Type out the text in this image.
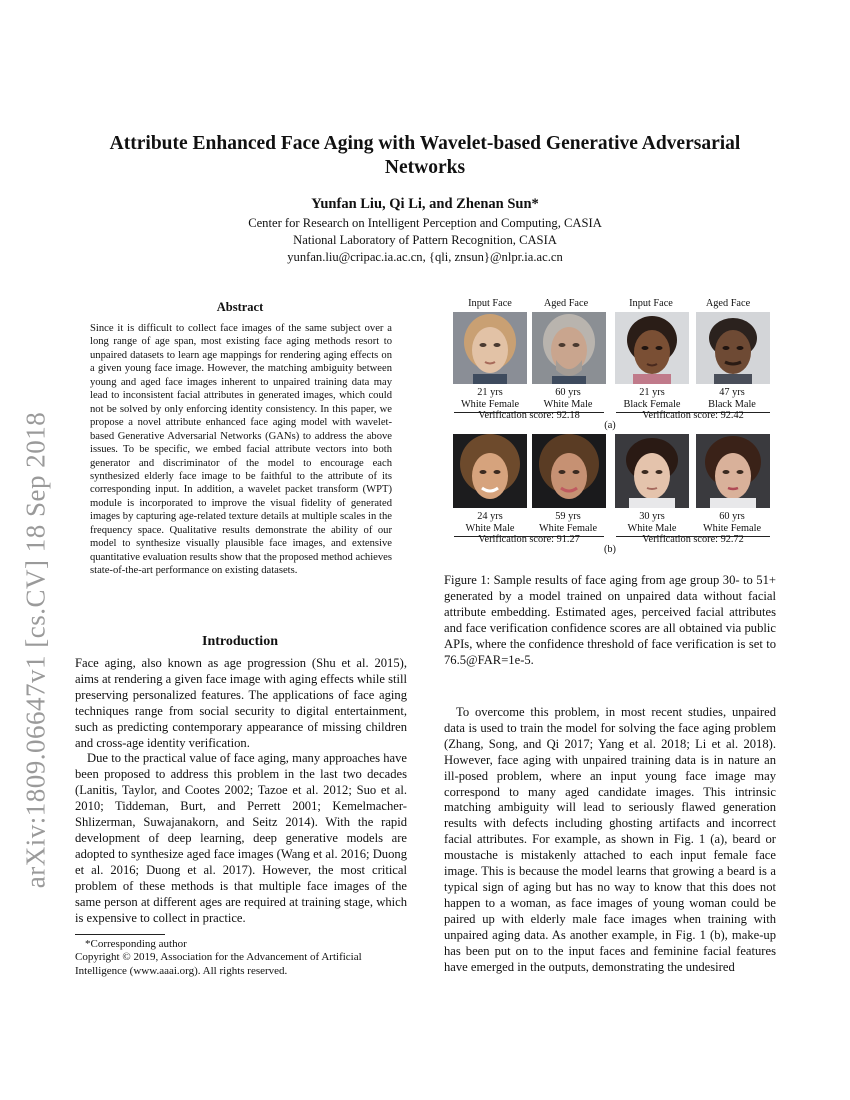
arXiv:1809.06647v1 [cs.CV] 18 Sep 2018
Attribute Enhanced Face Aging with Wavelet-based Generative Adversarial Networks
Yunfan Liu, Qi Li, and Zhenan Sun*
Center for Research on Intelligent Perception and Computing, CASIA
National Laboratory of Pattern Recognition, CASIA
yunfan.liu@cripac.ia.ac.cn, {qli, znsun}@nlpr.ia.ac.cn
Abstract
Since it is difficult to collect face images of the same subject over a long range of age span, most existing face aging methods resort to unpaired datasets to learn age mappings for rendering aging effects on a given young face image. However, the matching ambiguity between young and aged face images inherent to unpaired training data may lead to inconsistent facial attributes in generated images, which could not be solved by only enforcing identity consistency. In this paper, we propose a novel attribute enhanced face aging model with wavelet-based Generative Adversarial Networks (GANs) to address the above issues. To be specific, we embed facial attribute vectors into both generator and discriminator of the model to encourage each synthesized elderly face image to be faithful to the attribute of its corresponding input. In addition, a wavelet packet transform (WPT) module is incorporated to improve the visual fidelity of generated images by capturing age-related texture details at multiple scales in the frequency space. Qualitative results demonstrate the ability of our model to synthesize visually plausible face images, and extensive quantitative evaluation results show that the proposed method achieves state-of-the-art performance on existing datasets.
Introduction

Face aging, also known as age progression (Shu et al. 2015), aims at rendering a given face image with aging effects while still preserving personalized features. The applications of face aging techniques range from social security to digital entertainment, such as predicting contemporary appearance of missing children and cross-age identity verification.

Due to the practical value of face aging, many approaches have been proposed to address this problem in the last two decades (Lanitis, Taylor, and Cootes 2002; Tazoe et al. 2012; Suo et al. 2010; Tiddeman, Burt, and Perrett 2001; Kemelmacher-Shlizerman, Suwajanakorn, and Seitz 2014). With the rapid development of deep learning, deep generative models are adopted to synthesize aged face images (Wang et al. 2016; Duong et al. 2016; Duong et al. 2017). However, the most critical problem of these methods is that multiple face images of the same person at different ages are required at training stage, which is expensive to collect in practice.

*Corresponding author
Copyright © 2019, Association for the Advancement of Artificial Intelligence (www.aaai.org). All rights reserved.
Input Face	Aged Face	Input Face	Aged Face
21 yrs
White Female
60 yrs
White Male
Verification score: 92.18
21 yrs
Black Female
47 yrs
Black Male
Verification score: 92.42
(a)
24 yrs
White Male
59 yrs
White Female
Verification score: 91.27
30 yrs
White Male
60 yrs
White Female
Verification score: 92.72
(b)
Figure 1: Sample results of face aging from age group 30- to 51+ generated by a model trained on unpaired data without facial attribute embedding. Estimated ages, perceived facial attributes and face verification confidence scores are all obtained via public APIs, where the confidence threshold of face verification is set to 76.5@FAR=1e-5.

To overcome this problem, in most recent studies, unpaired data is used to train the model for solving the face aging problem (Zhang, Song, and Qi 2017; Yang et al. 2018; Li et al. 2018). However, face aging with unpaired training data is in nature an ill-posed problem, where an input young face image may correspond to many aged candidate images. This intrinsic matching ambiguity will lead to seriously flawed generation results with defects including ghosting artifacts and incorrect facial attributes. For example, as shown in Fig. 1 (a), beard or moustache is mistakenly attached to each input female face image. This is because the model learns that growing a beard is a typical sign of aging but has no way to know that this does not happen to a woman, as face images of young woman could be paired up with elderly male face images when training with unpaired aging data. As another example, in Fig. 1 (b), make-up has been put on to the input faces and feminine facial features have emerged in the outputs, demonstrating the undesired
